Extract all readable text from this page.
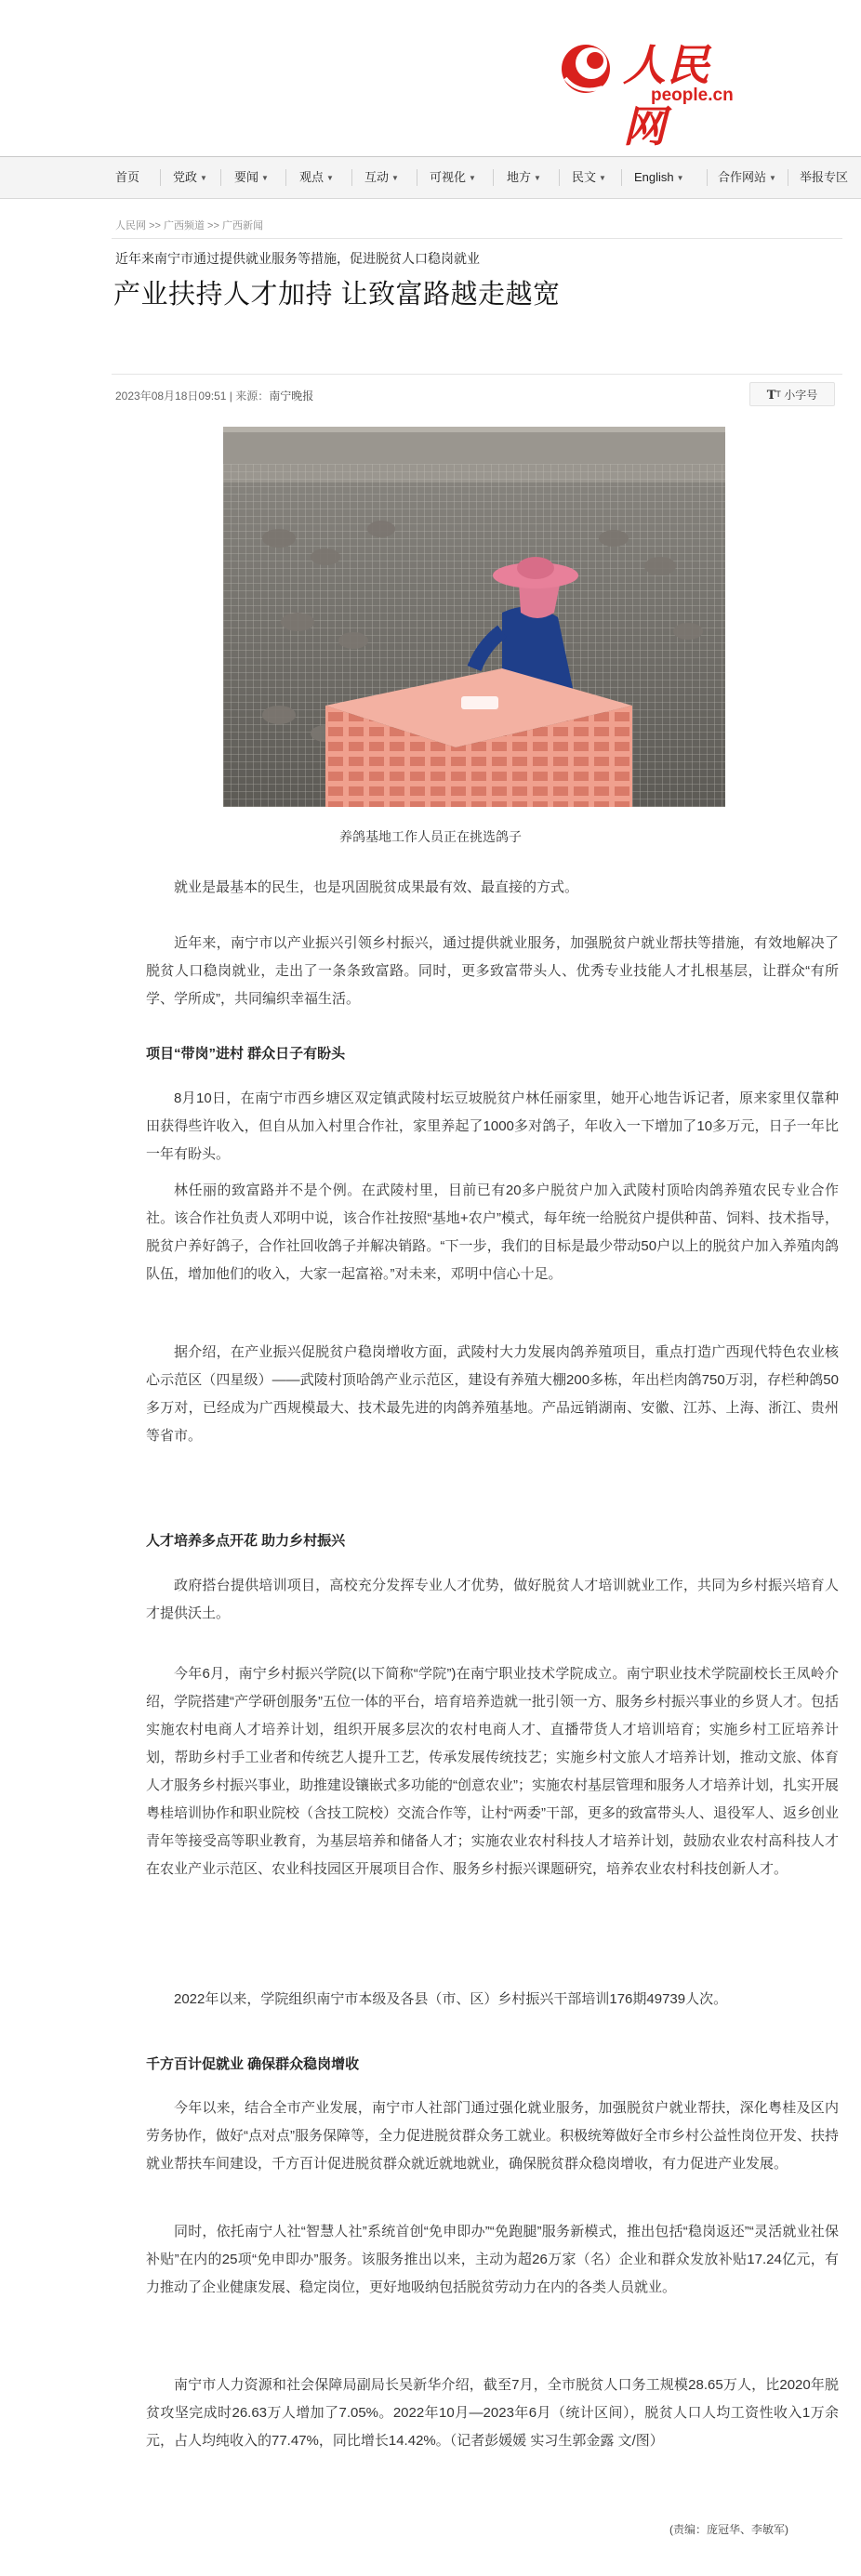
人民网
people.cn
首页	党政 ▼ 要闻 ▼	观点 ▼	互动 ▼	可视化 ▼	地方 ▼	民文 ▼ English ▼	合作网站 ▼ 举报专区
人民网 >> 广西频道 >> 广西新闻
近年来南宁市通过提供就业服务等措施，促进脱贫人口稳岗就业
产业扶持人才加持 让致富路越走越宽
2023年08月18日09:51 | 来源：南宁晚报	TT 小字号
养鸽基地工作人员正在挑选鸽子
就业是最基本的民生，也是巩固脱贫成果最有效、最直接的方式。
近年来，南宁市以产业振兴引领乡村振兴，通过提供就业服务，加强脱贫户就业帮扶等措施，有效地解决了脱贫人口稳岗就业，走出了一条条致富路。同时，更多致富带头人、优秀专业技能人才扎根基层，让群众“有所学、学所成”，共同编织幸福生活。
项目“带岗”进村 群众日子有盼头
8月10日，在南宁市西乡塘区双定镇武陵村坛豆坡脱贫户林任丽家里，她开心地告诉记者，原来家里仅靠种田获得些许收入，但自从加入村里合作社，家里养起了1000多对鸽子，年收入一下增加了10多万元，日子一年比一年有盼头。
林任丽的致富路并不是个例。在武陵村里，目前已有20多户脱贫户加入武陵村顶哈肉鸽养殖农民专业合作社。该合作社负责人邓明中说，该合作社按照“基地+农户”模式，每年统一给脱贫户提供种苗、饲料、技术指导，脱贫户养好鸽子，合作社回收鸽子并解决销路。“下一步，我们的目标是最少带动50户以上的脱贫户加入养殖肉鸽队伍，增加他们的收入，大家一起富裕。”对未来，邓明中信心十足。
据介绍，在产业振兴促脱贫户稳岗增收方面，武陵村大力发展肉鸽养殖项目，重点打造广西现代特色农业核心示范区（四星级）——武陵村顶哈鸽产业示范区，建设有养殖大棚200多栋，年出栏肉鸽750万羽，存栏种鸽50多万对，已经成为广西规模最大、技术最先进的肉鸽养殖基地。产品远销湖南、安徽、江苏、上海、浙江、贵州等省市。
人才培养多点开花 助力乡村振兴
政府搭台提供培训项目，高校充分发挥专业人才优势，做好脱贫人才培训就业工作，共同为乡村振兴培育人才提供沃土。
今年6月，南宁乡村振兴学院(以下简称“学院”)在南宁职业技术学院成立。南宁职业技术学院副校长王凤岭介绍，学院搭建“产学研创服务”五位一体的平台，培育培养造就一批引领一方、服务乡村振兴事业的乡贤人才。包括实施农村电商人才培养计划，组织开展多层次的农村电商人才、直播带货人才培训培育；实施乡村工匠培养计划，帮助乡村手工业者和传统艺人提升工艺，传承发展传统技艺；实施乡村文旅人才培养计划，推动文旅、体育人才服务乡村振兴事业，助推建设镶嵌式多功能的“创意农业”；实施农村基层管理和服务人才培养计划，扎实开展粤桂培训协作和职业院校（含技工院校）交流合作等，让村“两委”干部，更多的致富带头人、退役军人、返乡创业青年等接受高等职业教育，为基层培养和储备人才；实施农业农村科技人才培养计划，鼓励农业农村高科技人才在农业产业示范区、农业科技园区开展项目合作、服务乡村振兴课题研究，培养农业农村科技创新人才。
2022年以来，学院组织南宁市本级及各县（市、区）乡村振兴干部培训176期49739人次。
千方百计促就业 确保群众稳岗增收
今年以来，结合全市产业发展，南宁市人社部门通过强化就业服务，加强脱贫户就业帮扶，深化粤桂及区内劳务协作，做好“点对点”服务保障等，全力促进脱贫群众务工就业。积极统筹做好全市乡村公益性岗位开发、扶持就业帮扶车间建设，千方百计促进脱贫群众就近就地就业，确保脱贫群众稳岗增收，有力促进产业发展。
同时，依托南宁人社“智慧人社”系统首创“免申即办”“免跑腿”服务新模式，推出包括“稳岗返还”“灵活就业社保补贴”在内的25项“免申即办”服务。该服务推出以来，主动为超26万家（名）企业和群众发放补贴17.24亿元，有力推动了企业健康发展、稳定岗位，更好地吸纳包括脱贫劳动力在内的各类人员就业。
南宁市人力资源和社会保障局副局长吴新华介绍，截至7月，全市脱贫人口务工规模28.65万人，比2020年脱贫攻坚完成时26.63万人增加了7.05%。2022年10月—2023年6月（统计区间），脱贫人口人均工资性收入1万余元，占人均纯收入的77.47%，同比增长14.42%。（记者彭媛媛 实习生郭金露 文/图）
(责编：庞冠华、李敏军)
